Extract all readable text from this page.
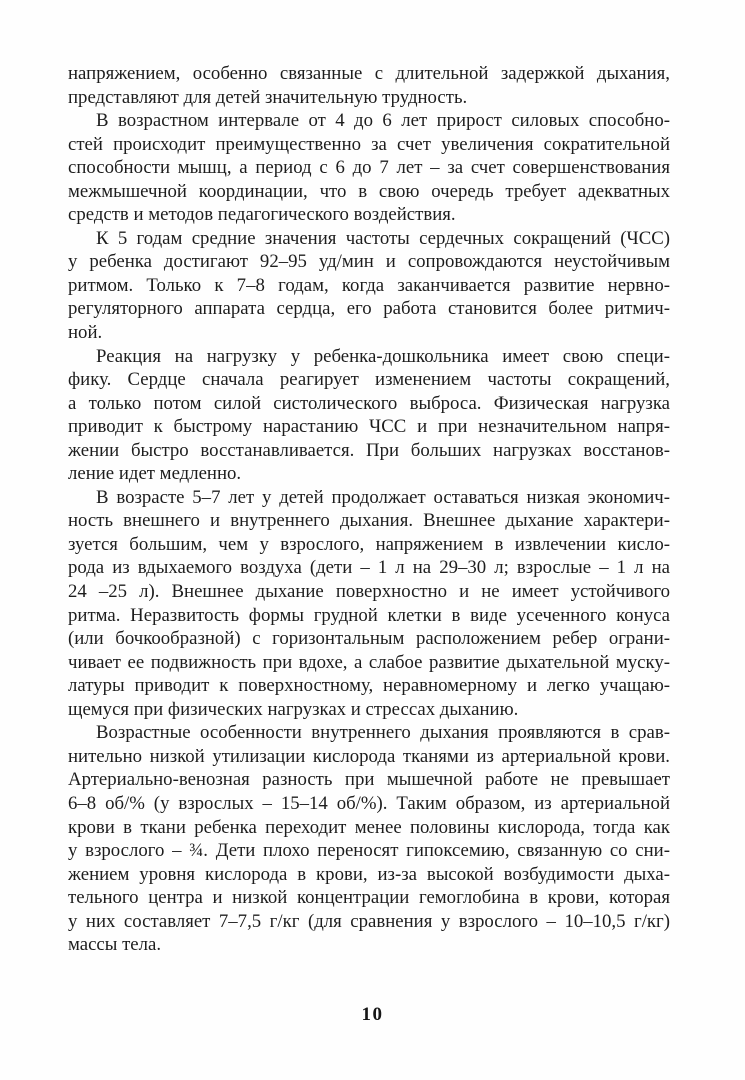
напряжением, особенно связанные с длительной задержкой дыхания,
представляют для детей значительную трудность.
В возрастном интервале от 4 до 6 лет прирост силовых способно-
стей происходит преимущественно за счет увеличения сократительной
способности мышц, а период с 6 до 7 лет – за счет совершенствования
межмышечной координации, что в свою очередь требует адекватных
средств и методов педагогического воздействия.
К 5 годам средние значения частоты сердечных сокращений (ЧСС)
у ребенка достигают 92–95 уд/мин и сопровождаются неустойчивым
ритмом. Только к 7–8 годам, когда заканчивается развитие нервно-
регуляторного аппарата сердца, его работа становится более ритмич-
ной.
Реакция на нагрузку у ребенка-дошкольника имеет свою специ-
фику. Сердце сначала реагирует изменением частоты сокращений,
а только потом силой систолического выброса. Физическая нагрузка
приводит к быстрому нарастанию ЧСС и при незначительном напря-
жении быстро восстанавливается. При больших нагрузках восстанов-
ление идет медленно.
В возрасте 5–7 лет у детей продолжает оставаться низкая экономич-
ность внешнего и внутреннего дыхания. Внешнее дыхание характери-
зуется большим, чем у взрослого, напряжением в извлечении кисло-
рода из вдыхаемого воздуха (дети – 1 л на 29–30 л; взрослые – 1 л на
24 –25 л). Внешнее дыхание поверхностно и не имеет устойчивого
ритма. Неразвитость формы грудной клетки в виде усеченного конуса
(или бочкообразной) с горизонтальным расположением ребер ограни-
чивает ее подвижность при вдохе, а слабое развитие дыхательной муску-
латуры приводит к поверхностному, неравномерному и легко учащаю-
щемуся при физических нагрузках и стрессах дыханию.
Возрастные особенности внутреннего дыхания проявляются в срав-
нительно низкой утилизации кислорода тканями из артериальной крови.
Артериально-венозная разность при мышечной работе не превышает
6–8 об/% (у взрослых – 15–14 об/%). Таким образом, из артериальной
крови в ткани ребенка переходит менее половины кислорода, тогда как
у взрослого – ¾. Дети плохо переносят гипоксемию, связанную со сни-
жением уровня кислорода в крови, из-за высокой возбудимости дыха-
тельного центра и низкой концентрации гемоглобина в крови, которая
у них составляет 7–7,5 г/кг (для сравнения у взрослого – 10–10,5 г/кг)
массы тела.
10
